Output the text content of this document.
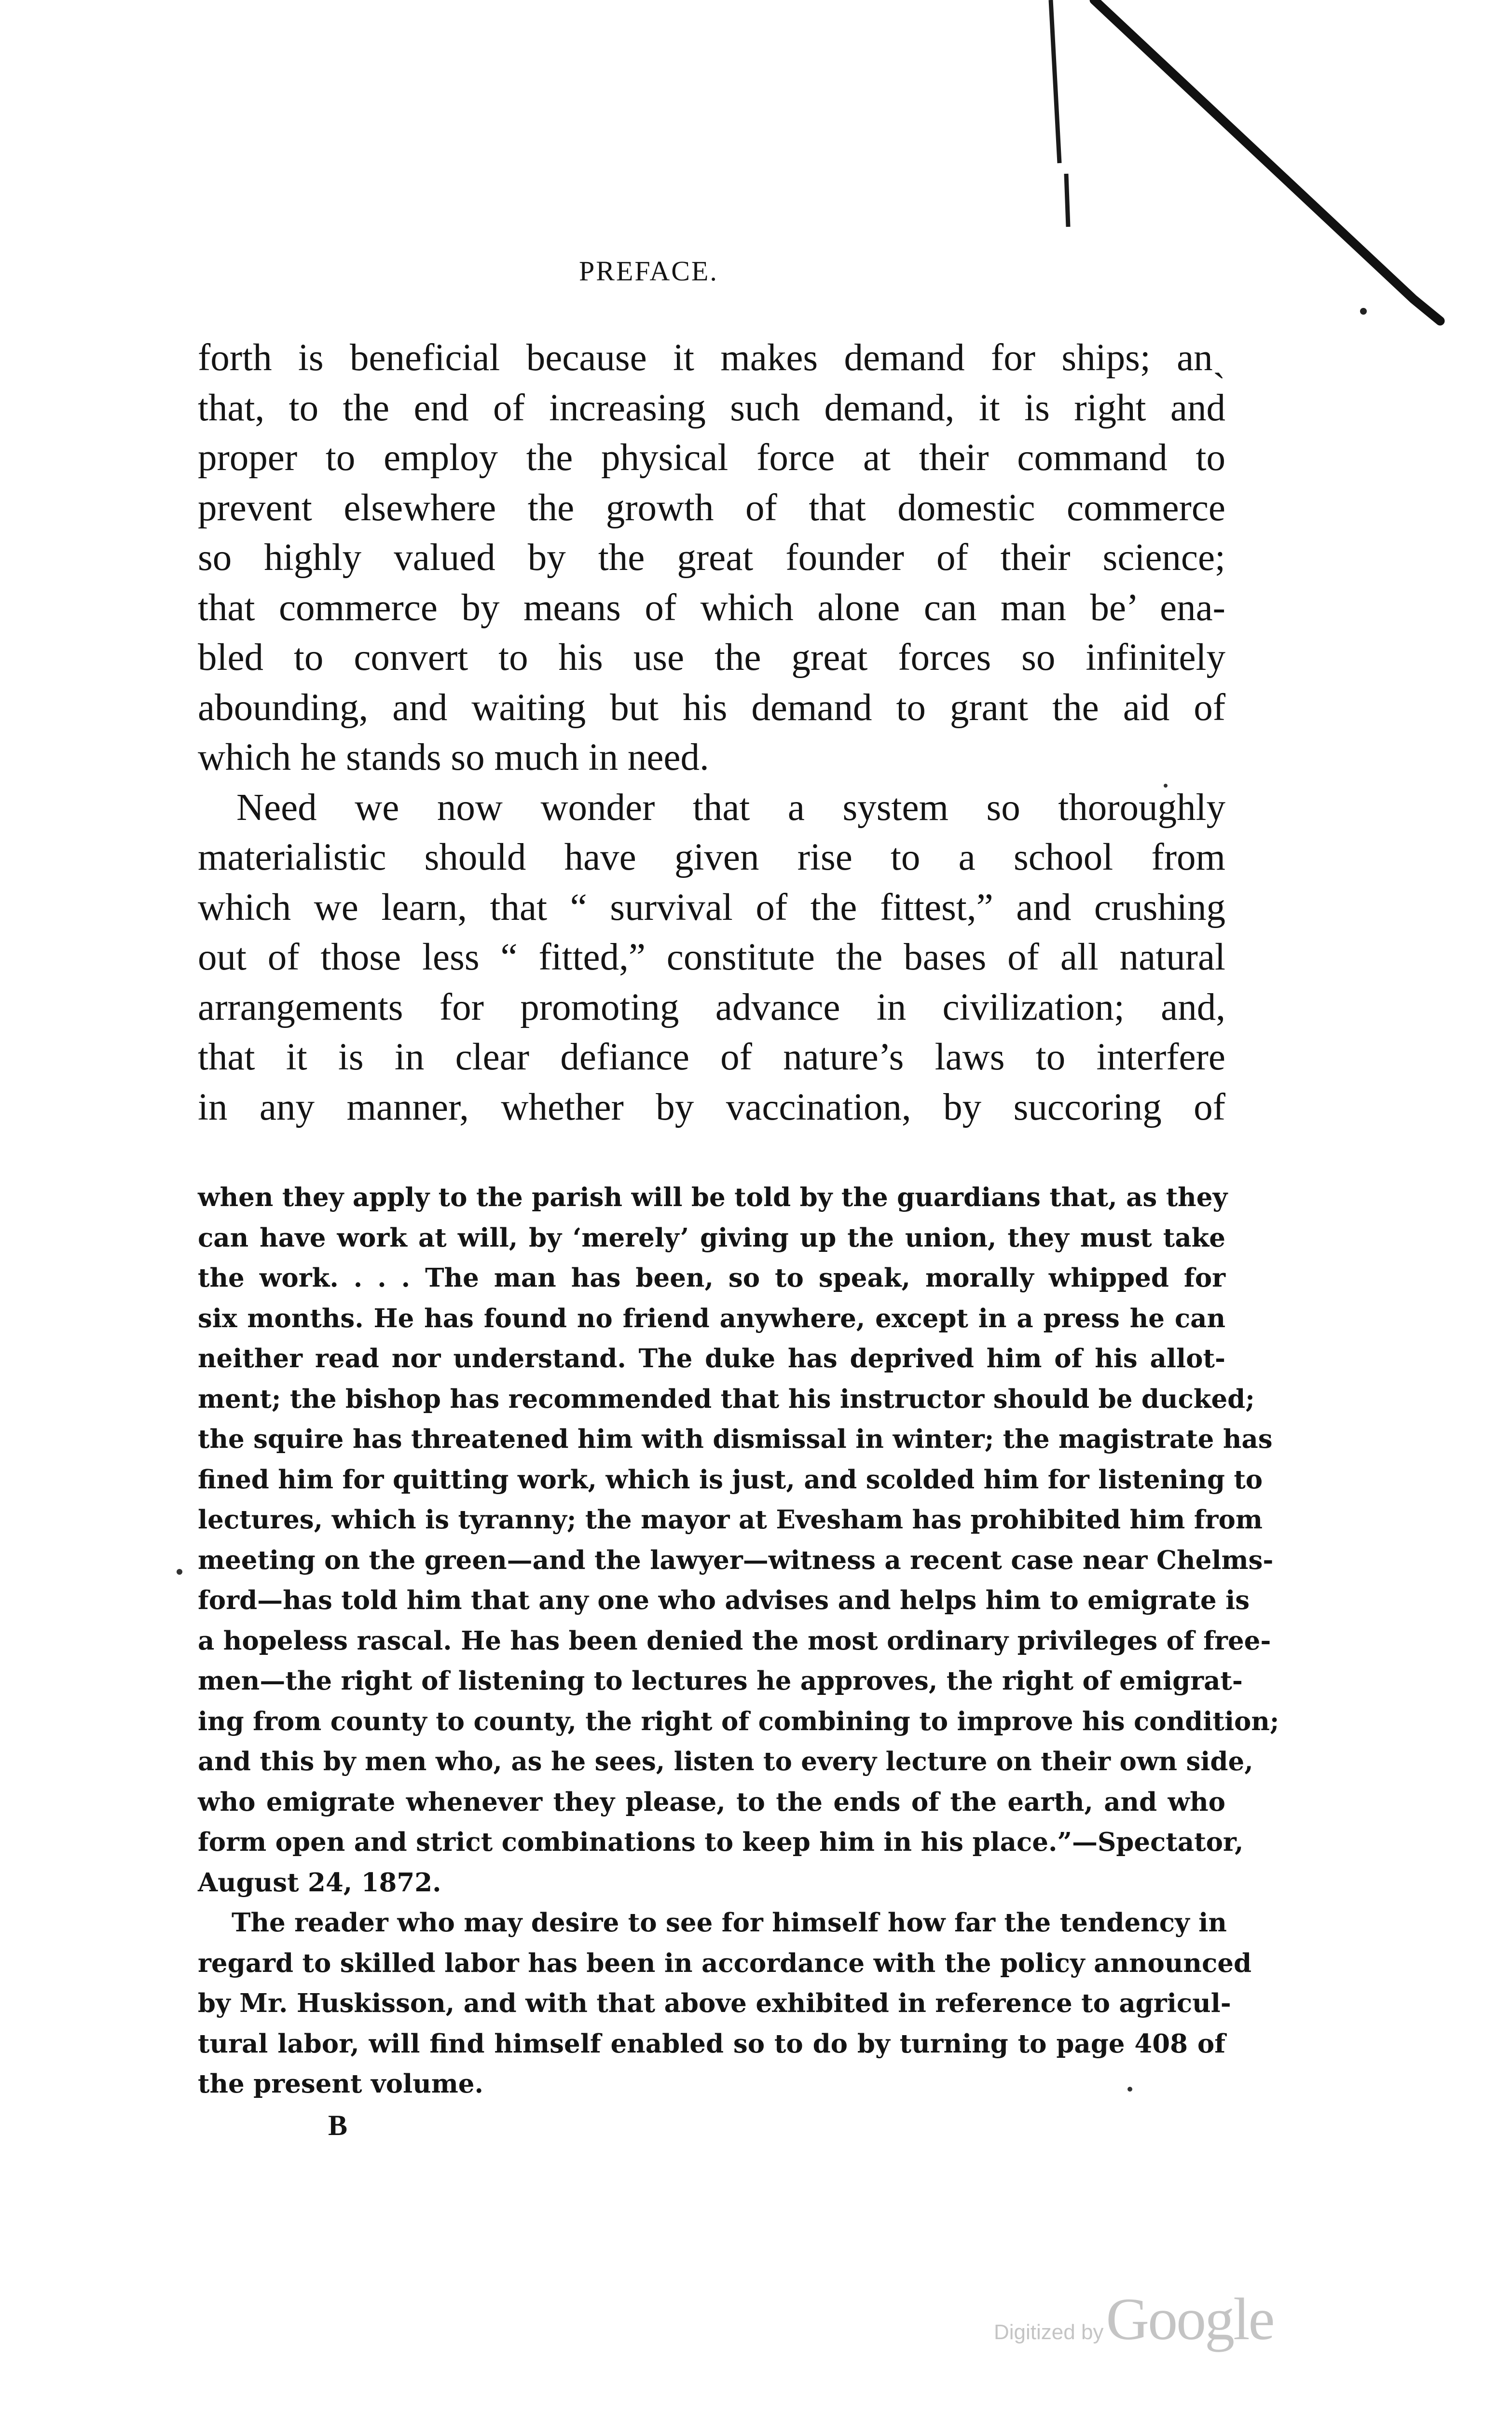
PREFACE.
forth is beneficial because it makes demand for ships; anˎ
that, to the end of increasing such demand, it is right and
proper to employ the physical force at their command to
prevent elsewhere the growth of that domestic commerce
so highly valued by the great founder of their science;
that commerce by means of which alone can man be’ ena-
bled to convert to his use the great forces so infinitely
abounding, and waiting but his demand to grant the aid of
which he stands so much in need.
Need we now wonder that a system so thoroughly
materialistic should have given rise to a school from
which we learn, that “ survival of the fittest,” and crushing
out of those less “ fitted,” constitute the bases of all natural
arrangements for promoting advance in civilization; and,
that it is in clear defiance of nature’s laws to interfere
in any manner, whether by vaccination, by succoring of
when they apply to the parish will be told by the guardians that, as they
can have work at will, by ‘merely’ giving up the union, they must take
the work. . . . The man has been, so to speak, morally whipped for
six months. He has found no friend anywhere, except in a press he can
neither read nor understand. The duke has deprived him of his allot-
ment; the bishop has recommended that his instructor should be ducked;
the squire has threatened him with dismissal in winter; the magistrate has
fined him for quitting work, which is just, and scolded him for listening to
lectures, which is tyranny; the mayor at Evesham has prohibited him from
meeting on the green—and the lawyer—witness a recent case near Chelms-
ford—has told him that any one who advises and helps him to emigrate is
a hopeless rascal. He has been denied the most ordinary privileges of free-
men—the right of listening to lectures he approves, the right of emigrat-
ing from county to county, the right of combining to improve his condition;
and this by men who, as he sees, listen to every lecture on their own side,
who emigrate whenever they please, to the ends of the earth, and who
form open and strict combinations to keep him in his place.”—Spectator,
August 24, 1872.
The reader who may desire to see for himself how far the tendency in
regard to skilled labor has been in accordance with the policy announced
by Mr. Huskisson, and with that above exhibited in reference to agricul-
tural labor, will find himself enabled so to do by turning to page 408 of
the present volume.
B
Digitized by Google
